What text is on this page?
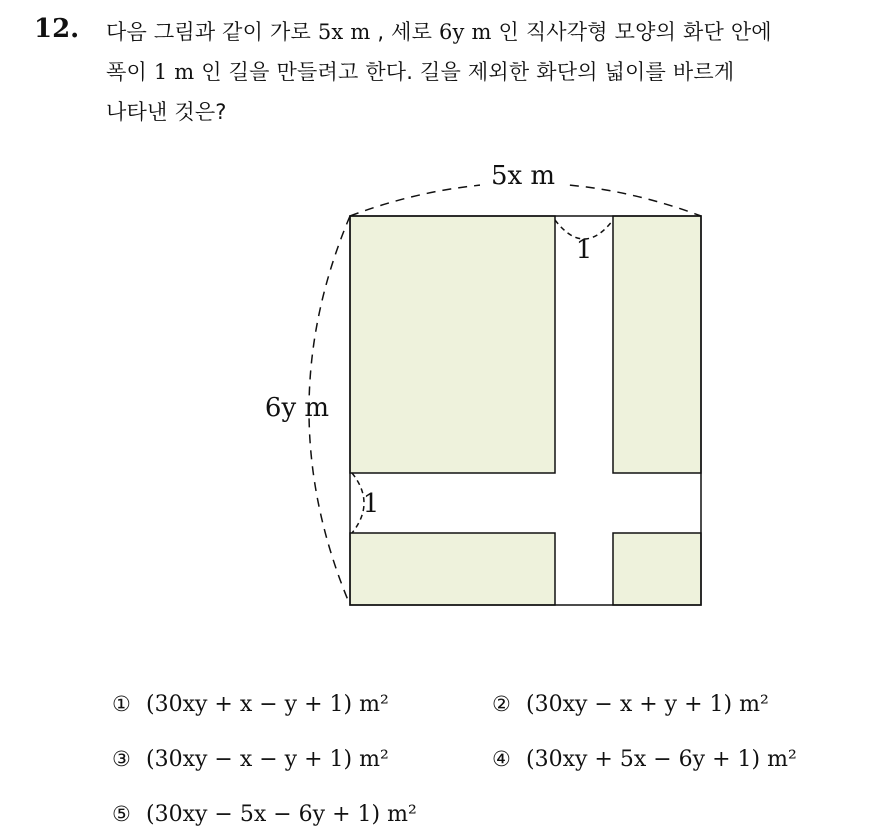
12. 다음 그림과 같이 가로 5x m , 세로 6y m 인 직사각형 모양의 화단 안에
폭이 1 m 인 길을 만들려고 한다. 길을 제외한 화단의 넓이를 바르게
나타낸 것은?
5x m
6y m
1
1
① (30xy + x − y + 1) m²	② (30xy − x + y + 1) m²
③ (30xy − x − y + 1) m²	④ (30xy + 5x − 6y + 1) m²
⑤ (30xy − 5x − 6y + 1) m²
